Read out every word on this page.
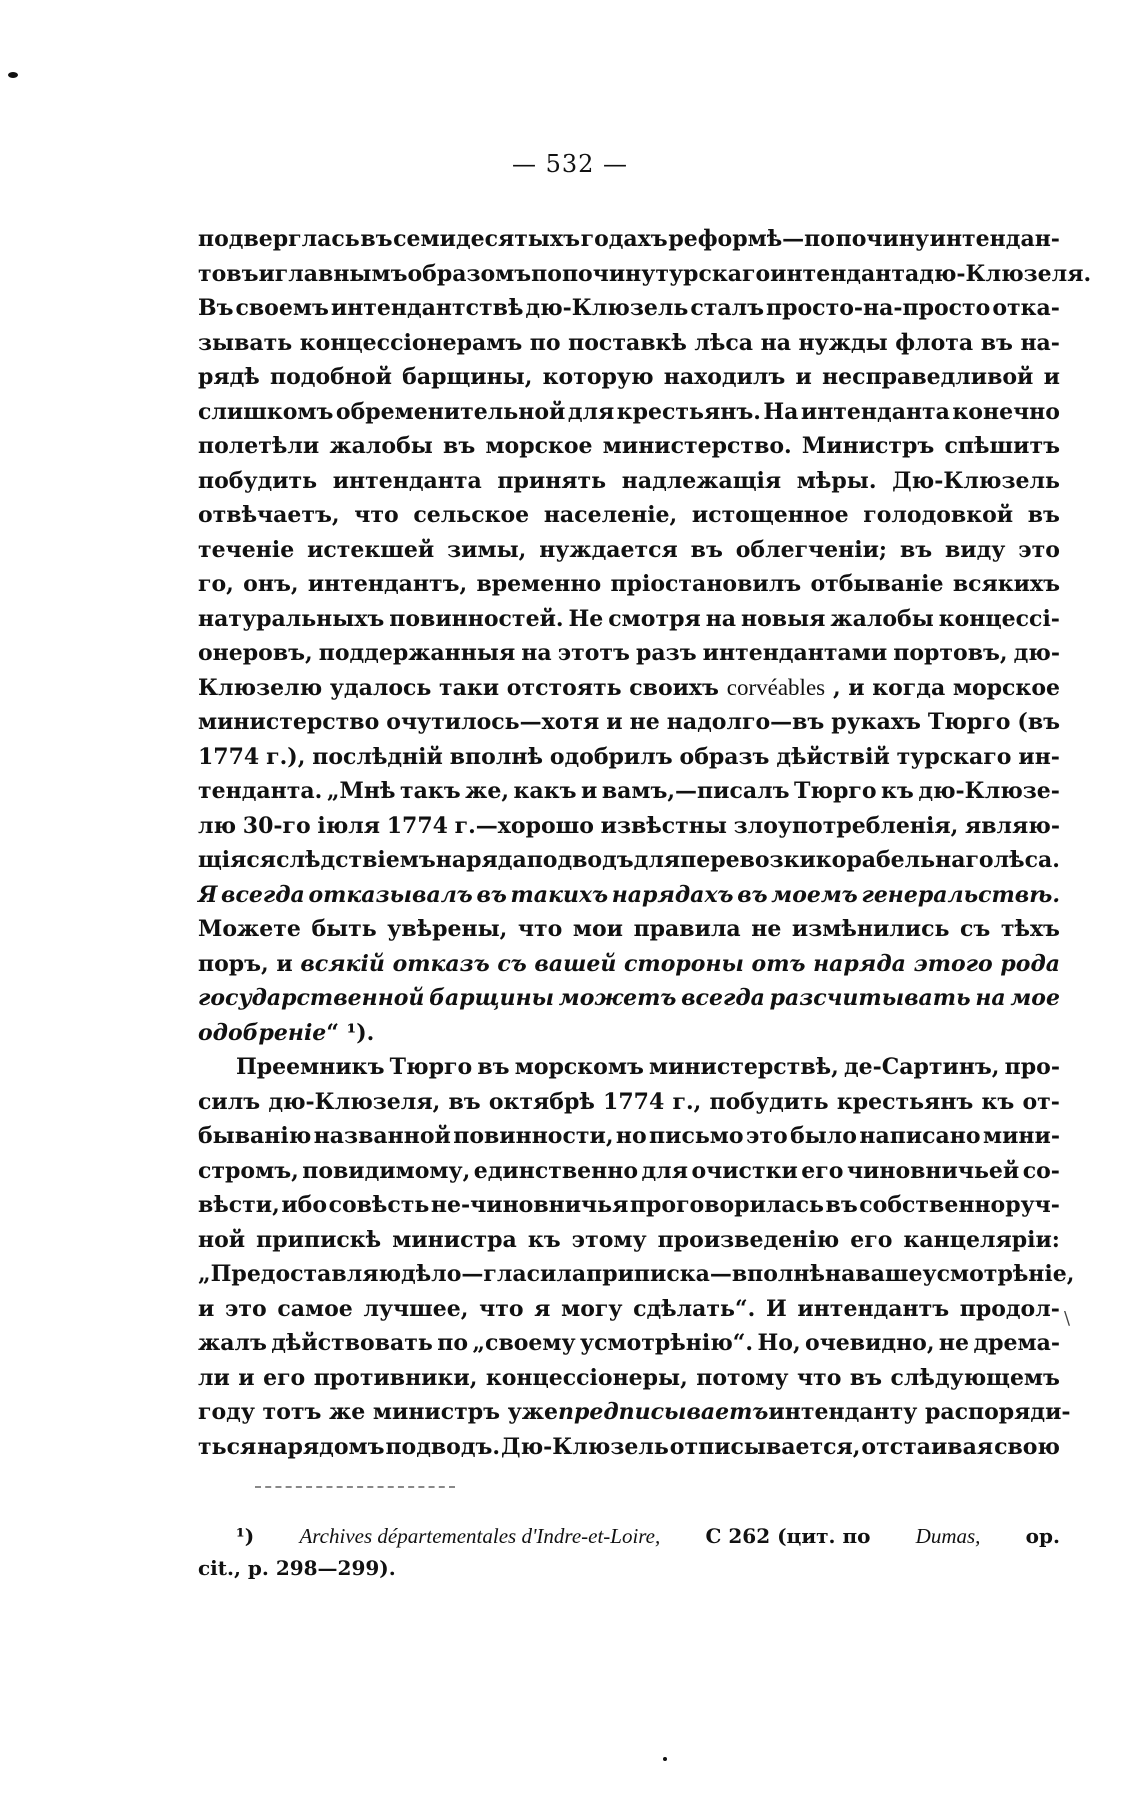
— 532 —
подверглась въ семидесятыхъ годахъ реформѣ—по почину интендан-
товъ и главнымъ образомъ по почину турскаго интенданта дю-Клюзеля.
Въ своемъ интендантствѣ дю-Клюзель сталъ просто-на-просто отка-
зывать концессіонерамъ по поставкѣ лѣса на нужды флота въ на-
рядѣ подобной барщины, которую находилъ и несправедливой и
слишкомъ обременительной для крестьянъ. На интенданта конечно
полетѣли жалобы въ морское министерство. Министръ спѣшитъ
побудить интенданта принять надлежащія мѣры. Дю-Клюзель
отвѣчаетъ, что сельское населеніе, истощенное голодовкой въ
теченіе истекшей зимы, нуждается въ облегченіи; въ виду это
го, онъ, интендантъ, временно пріостановилъ отбываніе всякихъ
натуральныхъ повинностей. Не смотря на новыя жалобы концессі-
онеровъ, поддержанныя на этотъ разъ интендантами портовъ, дю-
Клюзелю удалось таки отстоять своихъ corvéables , и когда морское
министерство очутилось—хотя и не надолго—въ рукахъ Тюрго (въ
1774 г.), послѣдній вполнѣ одобрилъ образъ дѣйствій турскаго ин-
тенданта. „Мнѣ такъ же, какъ и вамъ,—писалъ Тюрго къ дю-Клюзе-
лю 30-го іюля 1774 г.—хорошо извѣстны злоупотребленія, являю-
щіяся слѣдствіемъ наряда подводъ для перевозки корабельнаго лѣса.
Я всегда отказывалъ въ такихъ нарядахъ въ моемъ генеральствѣ.
Можете быть увѣрены, что мои правила не измѣнились съ тѣхъ
поръ, и всякій отказъ съ вашей стороны отъ наряда этого рода
государственной барщины можетъ всегда разсчитывать на мое
одобреніе “ ¹).
Преемникъ Тюрго въ морскомъ министерствѣ, де-Сартинъ, про-
силъ дю-Клюзеля, въ октябрѣ 1774 г., побудить крестьянъ къ от-
быванію названной повинности, но письмо это было написано мини-
стромъ, повидимому, единственно для очистки его чиновничьей со-
вѣсти, ибо совѣсть не-чиновничья проговорилась въ собственноруч-
ной припискѣ министра къ этому произведенію его канцеляріи:
„Предоставляю дѣло—гласила приписка—вполнѣ на ваше усмотрѣніе,
и это самое лучшее, что я могу сдѣлать“. И интендантъ продол-
жалъ дѣйствовать по „своему усмотрѣнію“. Но, очевидно, не дрема-
ли и его противники, концессіонеры, потому что въ слѣдующемъ
году тотъ же министръ уже предписываетъ интенданту распоряди-
ться нарядомъ подводъ. Дю-Клюзель отписывается, отстаивая свою
\
¹) Archives départementales d'Indre-et-Loire, C 262 (цит. по Dumas, op.
cit., p. 298—299).
